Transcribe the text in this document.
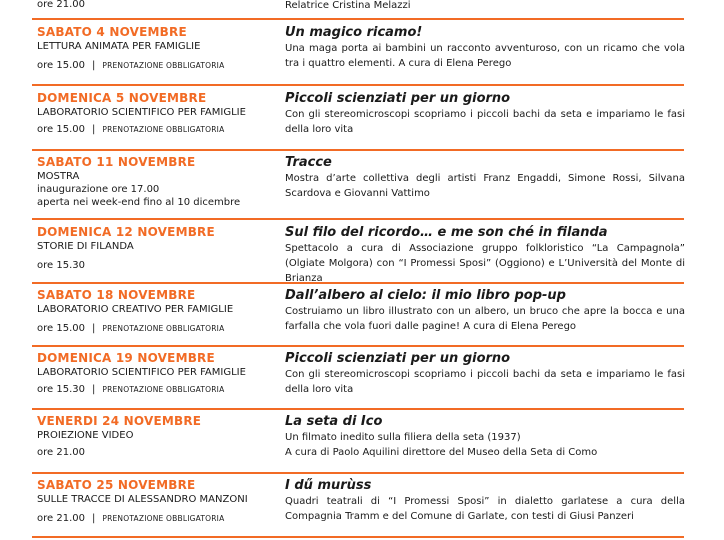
ore 21.00	Relatrice Cristina Melazzi
SABATO 4 NOVEMBRE
LETTURA ANIMATA PER FAMIGLIE
ore 15.00 | PRENOTAZIONE OBBLIGATORIA
Un magico ricamo!
Una maga porta ai bambini un racconto avventuroso, con un ricamo che vola tra i quattro elementi. A cura di Elena Perego
DOMENICA 5 NOVEMBRE
LABORATORIO SCIENTIFICO PER FAMIGLIE
ore 15.00 | PRENOTAZIONE OBBLIGATORIA
Piccoli scienziati per un giorno
Con gli stereomicroscopi scopriamo i piccoli bachi da seta e impariamo le fasi della loro vita
SABATO 11 NOVEMBRE
MOSTRA
inaugurazione ore 17.00
aperta nei week-end fino al 10 dicembre
Tracce
Mostra d’arte collettiva degli artisti Franz Engaddi, Simone Rossi, Silvana Scardova e Giovanni Vattimo
DOMENICA 12 NOVEMBRE
STORIE DI FILANDA
ore 15.30
Sul filo del ricordo… e me son ché in filanda
Spettacolo a cura di Associazione gruppo folkloristico “La Campagnola” (Olgiate Molgora) con “I Promessi Sposi” (Oggiono) e L’Università del Monte di Brianza
SABATO 18 NOVEMBRE
LABORATORIO CREATIVO PER FAMIGLIE
ore 15.00 | PRENOTAZIONE OBBLIGATORIA
Dall’albero al cielo: il mio libro pop-up
Costruiamo un libro illustrato con un albero, un bruco che apre la bocca e una farfalla che vola fuori dalle pagine! A cura di Elena Perego
DOMENICA 19 NOVEMBRE
LABORATORIO SCIENTIFICO PER FAMIGLIE
ore 15.30 | PRENOTAZIONE OBBLIGATORIA
Piccoli scienziati per un giorno
Con gli stereomicroscopi scopriamo i piccoli bachi da seta e impariamo le fasi della loro vita
VENERDI 24 NOVEMBRE
PROIEZIONE VIDEO
ore 21.00
La seta di Ico
Un filmato inedito sulla filiera della seta (1937)
A cura di Paolo Aquilini direttore del Museo della Seta di Como
SABATO 25 NOVEMBRE
SULLE TRACCE DI ALESSANDRO MANZONI
ore 21.00 | PRENOTAZIONE OBBLIGATORIA
I dű murùss
Quadri teatrali di “I Promessi Sposi” in dialetto garlatese a cura della Compagnia Tramm e del Comune di Garlate, con testi di Giusi Panzeri
